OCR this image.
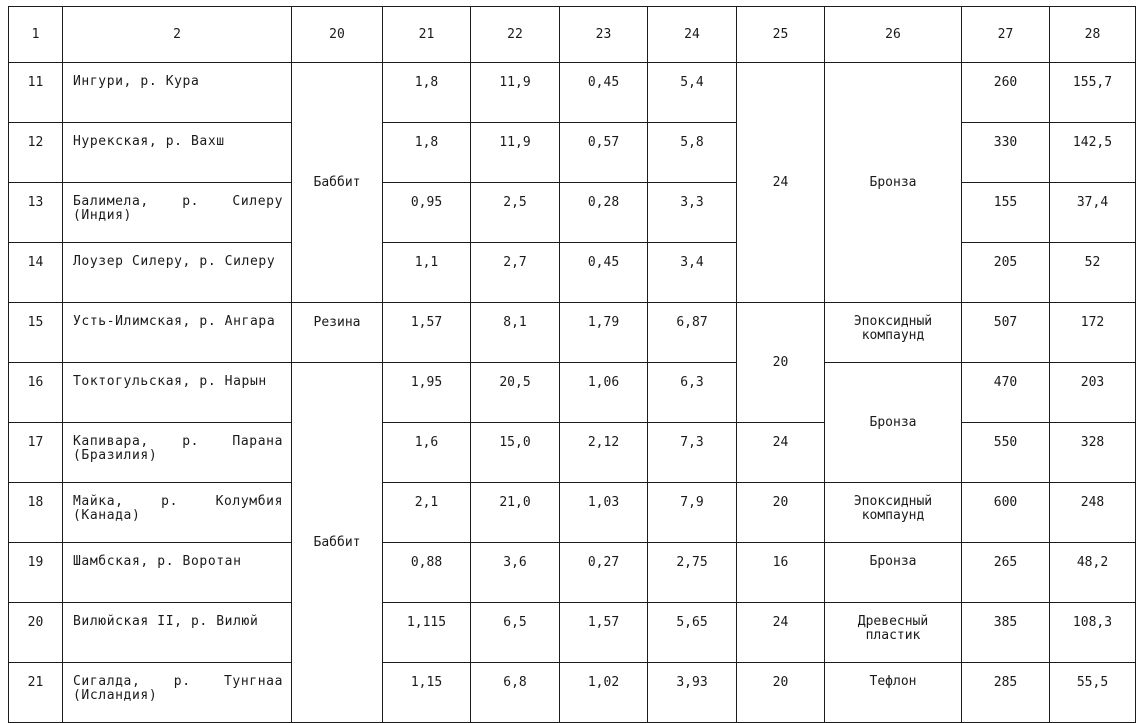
1	2	20	21	22	23	24	25	26	27	28
11	Ингури, р. Кура	Баббит	1,8	11,9	0,45	5,4	24	Бронза	260	155,7
12	Нурекская, р. Вахш		1,8	11,9	0,57	5,8			330	142,5
13	Балимела, р. Силеру (Индия)		0,95	2,5	0,28	3,3			155	37,4
14	Лоузер Силеру, р. Силеру		1,1	2,7	0,45	3,4			205	52
15	Усть-Илимская, р. Ангара	Резина	1,57	8,1	1,79	6,87	20	Эпоксидный компаунд	507	172
16	Токтогульская, р. Нарын	Баббит	1,95	20,5	1,06	6,3		Бронза	470	203
17	Капивара, р. Парана (Бразилия)		1,6	15,0	2,12	7,3	24		550	328
18	Майка, р. Колумбия (Канада)		2,1	21,0	1,03	7,9	20	Эпоксидный компаунд	600	248
19	Шамбская, р. Воротан		0,88	3,6	0,27	2,75	16	Бронза	265	48,2
20	Вилюйская II, р. Вилюй		1,115	6,5	1,57	5,65	24	Древесный пластик	385	108,3
21	Сигалда, р. Тунгнаа (Исландия)		1,15	6,8	1,02	3,93	20	Тефлон	285	55,5
